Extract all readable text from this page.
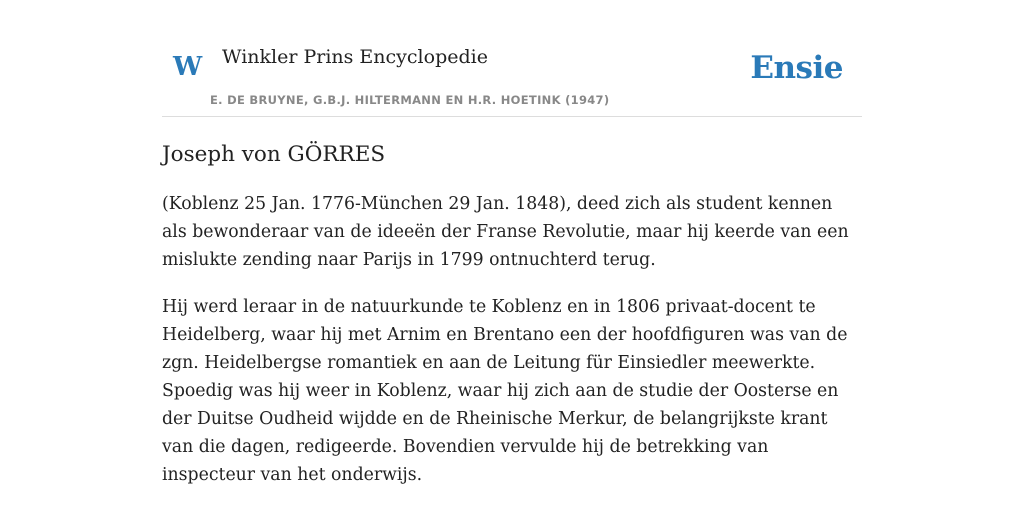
W Winkler Prins Encyclopedie
E. DE BRUYNE, G.B.J. HILTERMANN EN H.R. HOETINK (1947)
Ensie
Joseph von GÖRRES

(Koblenz 25 Jan. 1776-München 29 Jan. 1848), deed zich als student kennen als bewonderaar van de ideeën der Franse Revolutie, maar hij keerde van een mislukte zending naar Parijs in 1799 ontnuchterd terug.

Hij werd leraar in de natuurkunde te Koblenz en in 1806 privaat-docent te Heidelberg, waar hij met Arnim en Brentano een der hoofdfiguren was van de zgn. Heidelbergse romantiek en aan de Leitung für Einsiedler meewerkte. Spoedig was hij weer in Koblenz, waar hij zich aan de studie der Oosterse en der Duitse Oudheid wijdde en de Rheinische Merkur, de belangrijkste krant van die dagen, redigeerde. Bovendien vervulde hij de betrekking van inspecteur van het onderwijs.
